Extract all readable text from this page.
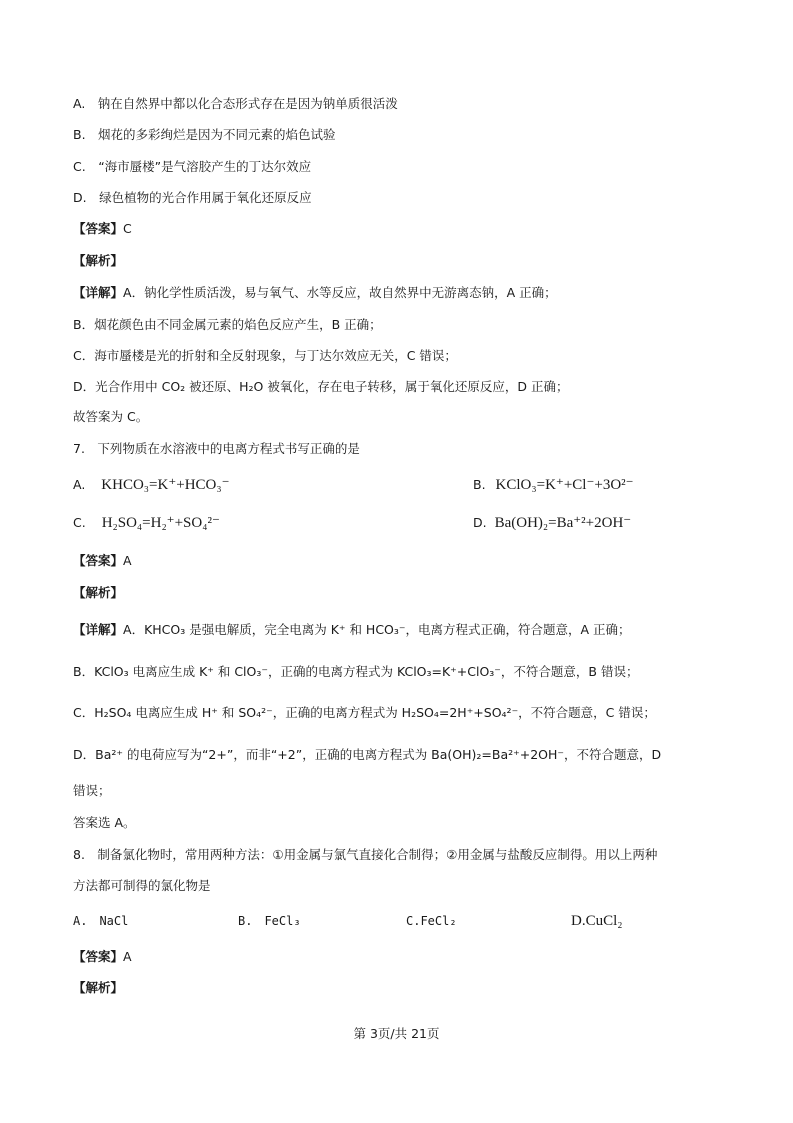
A.　钠在自然界中都以化合态形式存在是因为钠单质很活泼
B.　烟花的多彩绚烂是因为不同元素的焰色试验
C.　“海市蜃楼”是气溶胶产生的丁达尔效应
D.　绿色植物的光合作用属于氧化还原反应
【答案】C
【解析】
【详解】A．钠化学性质活泼，易与氧气、水等反应，故自然界中无游离态钠，A 正确；
B．烟花颜色由不同金属元素的焰色反应产生，B 正确；
C．海市蜃楼是光的折射和全反射现象，与丁达尔效应无关，C 错误；
D．光合作用中 CO₂ 被还原、H₂O 被氧化，存在电子转移，属于氧化还原反应，D 正确；
故答案为 C。
7.　下列物质在水溶液中的电离方程式书写正确的是
A. KHCO₃=K⁺+HCO₃⁻	B. KClO₃=K⁺+Cl⁻+3O²⁻
C. H₂SO₄=H₂⁺+SO₄²⁻	D. Ba(OH)₂=Ba⁺²+2OH⁻
【答案】A
【解析】
【详解】A．KHCO₃ 是强电解质，完全电离为 K⁺ 和 HCO₃⁻，电离方程式正确，符合题意，A 正确；
B．KClO₃ 电离应生成 K⁺ 和 ClO₃⁻，正确的电离方程式为 KClO₃=K⁺+ClO₃⁻，不符合题意，B 错误；
C．H₂SO₄ 电离应生成 H⁺ 和 SO₄²⁻，正确的电离方程式为 H₂SO₄=2H⁺+SO₄²⁻，不符合题意，C 错误；
D．Ba²⁺ 的电荷应写为“2+”，而非“+2”，正确的电离方程式为 Ba(OH)₂=Ba²⁺+2OH⁻，不符合题意，D
错误；
答案选 A。
8.　制备氯化物时，常用两种方法：①用金属与氯气直接化合制得；②用金属与盐酸反应制得。用以上两种
方法都可制得的氯化物是
A.　NaCl	B.　FeCl₃	C.FeCl₂	D.CuCl₂
【答案】A
【解析】
第 3页/共 21页
